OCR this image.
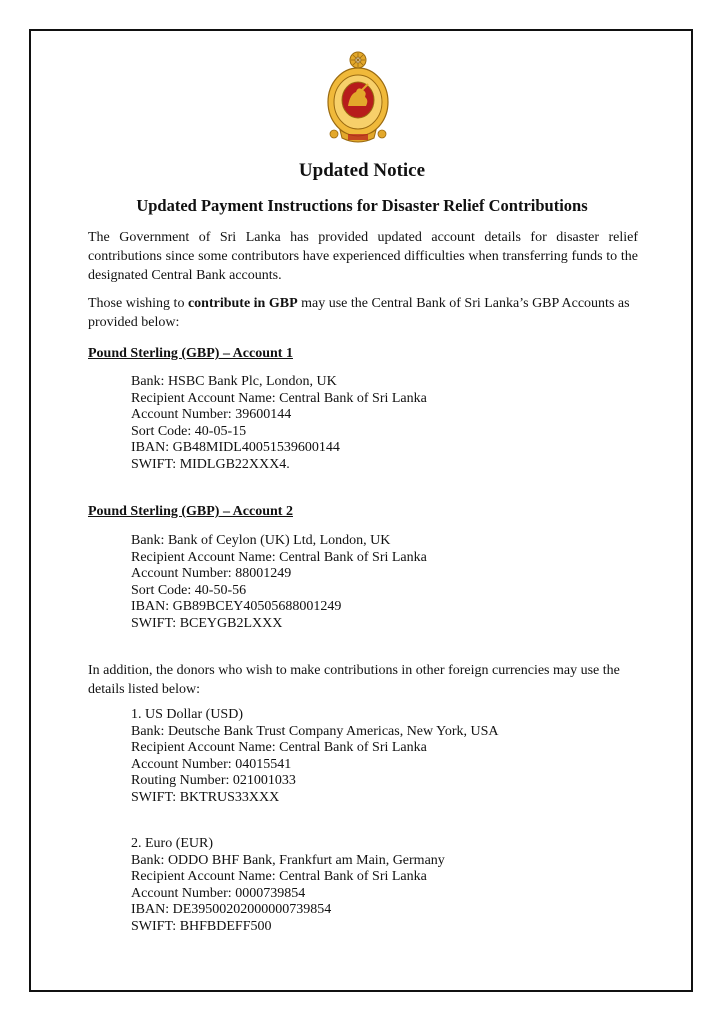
Updated Notice
Updated Payment Instructions for Disaster Relief Contributions
The Government of Sri Lanka has provided updated account details for disaster relief contributions since some contributors have experienced difficulties when transferring funds to the designated Central Bank accounts.
Those wishing to contribute in GBP may use the Central Bank of Sri Lanka’s GBP Accounts as provided below:
Pound Sterling (GBP) – Account 1
Bank: HSBC Bank Plc, London, UK
Recipient Account Name: Central Bank of Sri Lanka
Account Number: 39600144
Sort Code: 40-05-15
IBAN: GB48MIDL40051539600144
SWIFT: MIDLGB22XXX4.
Pound Sterling (GBP) – Account 2
Bank: Bank of Ceylon (UK) Ltd, London, UK
Recipient Account Name: Central Bank of Sri Lanka
Account Number: 88001249
Sort Code: 40-50-56
IBAN: GB89BCEY40505688001249
SWIFT: BCEYGB2LXXX
In addition, the donors who wish to make contributions in other foreign currencies may use the details listed below:
1. US Dollar (USD)
Bank: Deutsche Bank Trust Company Americas, New York, USA
Recipient Account Name: Central Bank of Sri Lanka
Account Number: 04015541
Routing Number: 021001033
SWIFT: BKTRUS33XXX
2. Euro (EUR)
Bank: ODDO BHF Bank, Frankfurt am Main, Germany
Recipient Account Name: Central Bank of Sri Lanka
Account Number: 0000739854
IBAN: DE39500202000000739854
SWIFT: BHFBDEFF500
